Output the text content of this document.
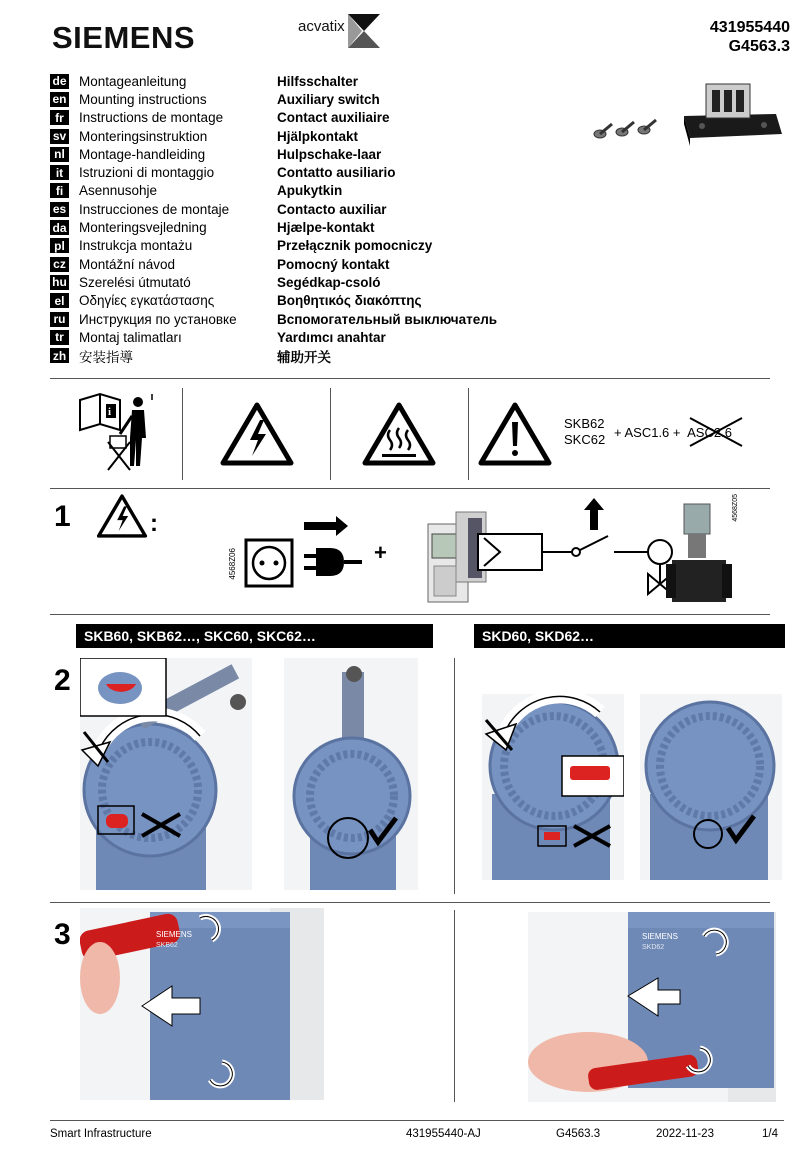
SIEMENS	acvatix	431955440
G4563.3
de Montageanleitung	Hilfsschalter
en Mounting instructions	Auxiliary switch
fr	Instructions de montage	Contact auxiliaire
sv Monteringsinstruktion	Hjälpkontakt
nl	Montage-handleiding	Hulpschake-laar
it	Istruzioni di montaggio	Contatto ausiliario
fi	Asennusohje	Apukytkin
es Instrucciones de montaje	Contacto auxiliar
da Monteringsvejledning	Hjælpe-kontakt
pl	Instrukcja montażu	Przełącznik pomocniczy
cz Montážní návod	Pomocný kontakt
hu Szerelési útmutató	Segédkap-csoló
el	Οδηγίες εγκατάστασης	Βοηθητικός διακόπτης
ru Инструкция по установке	Вспомогательный выключатель
tr	Montaj talimatları	Yardımcı anahtar
zh 安装指導	辅助开关
i
SKB62
SKC62 + ASC1.6 + ASC2.6
1	:
4568Z06	+
4568Z05
SKB60, SKB62…, SKC60, SKC62…	SKD60, SKD62…
2
3	SIEMENS
SKB62
SIEMENS
SKD62
Smart Infrastructure	431955440-AJ	G4563.3	2022-11-23	1/4
